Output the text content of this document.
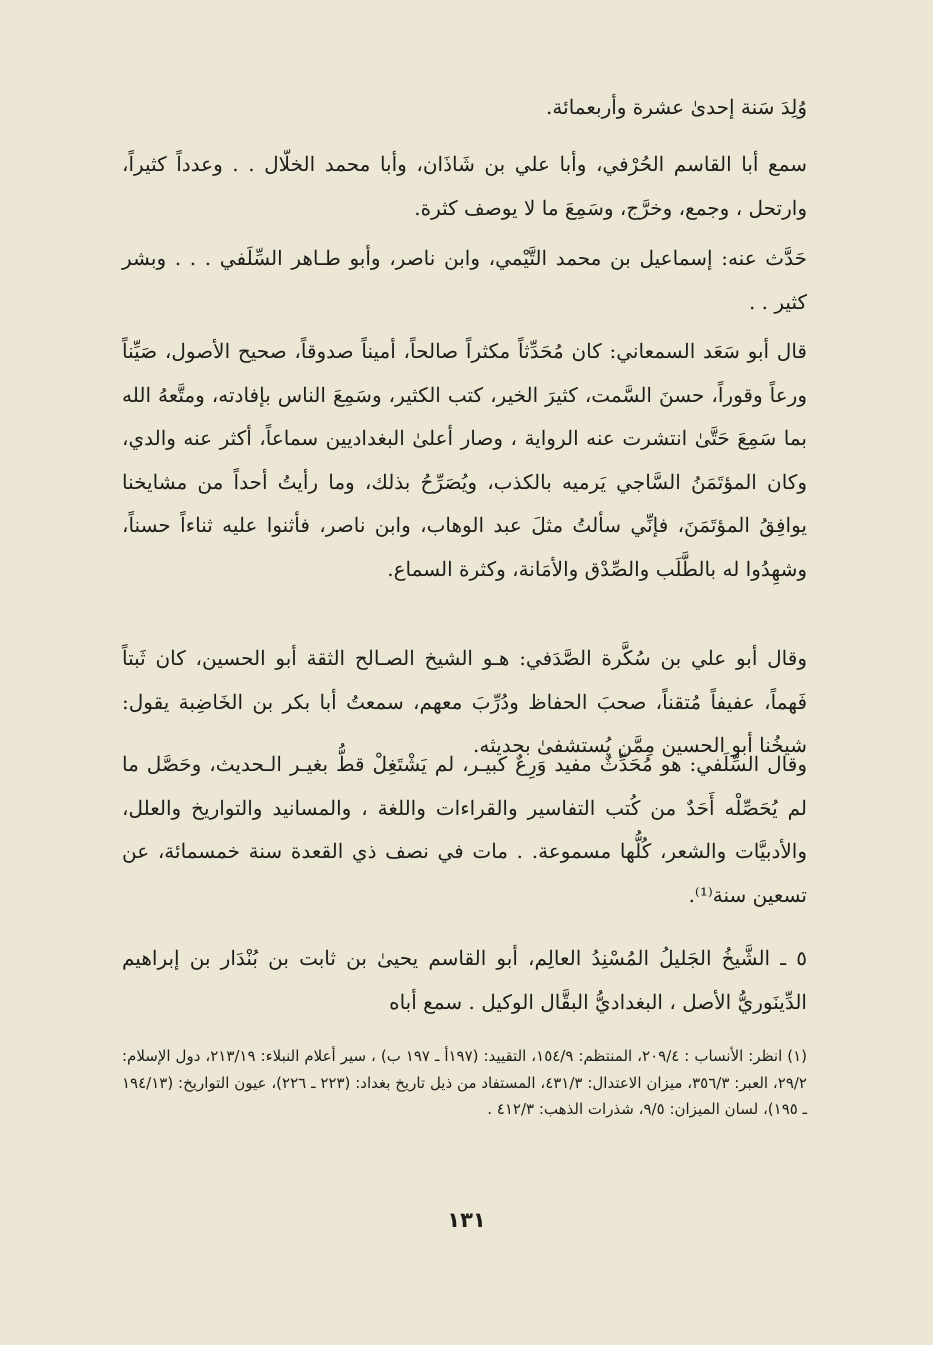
وُلِدَ سَنة إحدىٰ عشرة وأربعمائة.
سمع أبا القاسم الحُرْفي، وأبا علي بن شَاذَان، وأبا محمد الخلّال . . وعدداً كثيراً، وارتحل ، وجمع، وخرَّج، وسَمِعَ ما لا يوصف كثرة.
حَدَّث عنه: إسماعيل بن محمد التَّيْمي، وابن ناصر، وأبو طـاهر السِّلَفي . . . وبشر كثير . .
قال أبو سَعَد السمعاني: كان مُحَدِّثاً مكثراً صالحاً، أميناً صدوقاً، صحيح الأصول، صَيِّناً ورعاً وقوراً، حسنَ السَّمت، كثيرَ الخير، كتب الكثير، وسَمِعَ الناس بإفادته، ومتَّعهُ الله بما سَمِعَ حَتَّىٰ انتشرت عنه الرواية ، وصار أعلىٰ البغداديين سماعاً، أكثر عنه والدي، وكان المؤتَمَنُ السَّاجي يَرميه بالكذب، ويُصَرِّحُ بذلك، وما رأيتُ أحداً من مشايخنا يوافِقُ المؤتَمَنَ، فإنِّي سألتُ مثلَ عبد الوهاب، وابن ناصر، فأثنوا عليه ثناءاً حسناً، وشهِدُوا له بالطَّلَب والصِّدْق والأمَانة، وكثرة السماع.
وقال أبو علي بن سُكَّرة الصَّدَفي: هـو الشيخ الصـالح الثقة أبو الحسين، كان ثَبتاً فَهماً، عفيفاً مُتقناً، صحبَ الحفاظ ودُرِّبَ معهم، سمعتُ أبا بكر بن الخَاضِبة يقول: شيخُنا أبو الحسين مِمَّن يُستشفىٰ بحديثه.
وقال السِّلَفي: هو مُحَدِّثٌ مفيد وَرِعٌ كبيـر، لم يَشْتَغِلْ قطُّ بغيـر الـحديث، وحَصَّل ما لم يُحَصِّلْه أَحَدٌ من كُتب التفاسير والقراءات واللغة ، والمسانيد والتواريخ والعلل، والأدبيَّات والشعر، كُلُّها مسموعة. . مات في نصف ذي القعدة سنة خمسمائة، عن تسعين سنة⁽¹⁾.
٥ ـ الشَّيخُ الجَليلُ المُسْنِدُ العالِم، أبو القاسم يحيىٰ بن ثابت بن بُنْدَار بن إبراهيم الدِّينَوريُّ الأصل ، البغداديُّ البقَّال الوكيل . سمع أباه
(١) انظر: الأنساب : ٢٠٩/٤، المنتظم: ١٥٤/٩، التقييد: (١٩٧أ ـ ١٩٧ ب) ، سير أعلام النبلاء: ٢١٣/١٩، دول الإسلام: ٢٩/٢، العبر: ٣٥٦/٣، ميزان الاعتدال: ٤٣١/٣، المستفاد من ذيل تاريخ بغداد: (٢٢٣ ـ ٢٢٦)، عيون التواريخ: (١٩٤/١٣ ـ ١٩٥)، لسان الميزان: ٩/٥، شذرات الذهب: ٤١٢/٣ .
١٣١
